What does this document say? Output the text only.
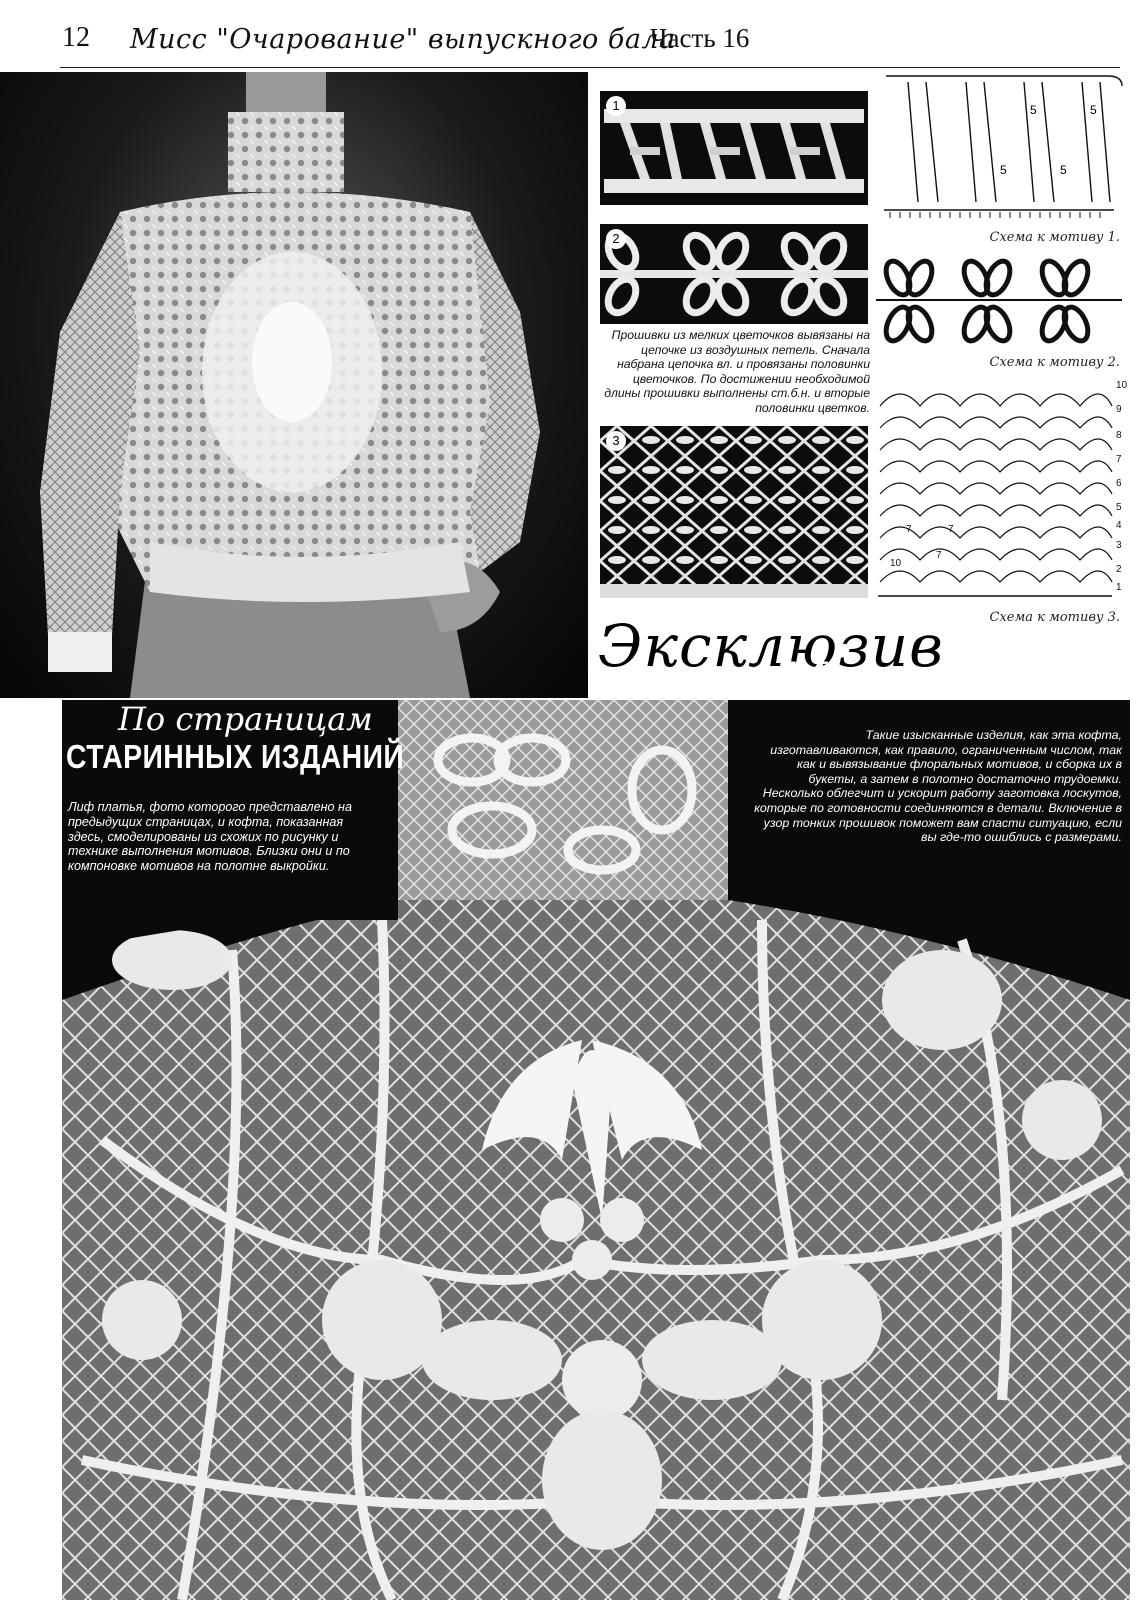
12 Мисс "Очарование" выпускного бала
Часть 16
1
2
Прошивки из мелких цветочков вывязаны на цепочке из воздушных петель. Сначала набрана цепочка вл. и провязаны половинки цветочков. По достижении необходимой длины прошивки выполнены ст.б.н. и вторые половинки цветков.
3
5	5
5	5
Схема к мотиву 1.
Схема к мотиву 2.
10
9
8
7
6
5
4
3
2
1
7	7
10
7
Схема к мотиву 3.
Эксклюзив
Массовость
По страницам
СТАРИННЫХ ИЗДАНИЙ

Лиф платья, фото которого представлено на предыдущих страницах, и кофта, показанная здесь, смоделированы из схожих по рисунку и технике выполнения мотивов. Близки они и по компоновке мотивов на полотне выкройки.

Такие изысканные изделия, как эта кофта, изготавливаются, как правило, ограниченным числом, так как и вывязывание флоральных мотивов, и сборка их в букеты, а затем в полотно достаточно трудоемки.

Несколько облегчит и ускорит работу заготовка лоскутов, которые по готовности соединяются в детали. Включение в узор тонких прошивок поможет вам спасти ситуацию, если вы где-то ошиблись с размерами.
